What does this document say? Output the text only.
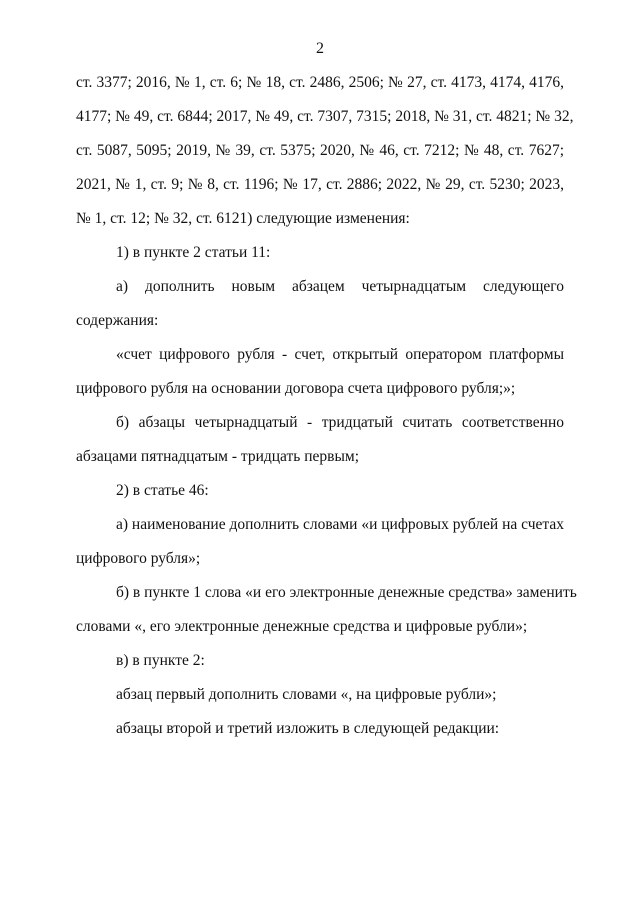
2
ст. 3377; 2016, № 1, ст. 6; № 18, ст. 2486, 2506; № 27, ст. 4173, 4174, 4176,
4177; № 49, ст. 6844; 2017, № 49, ст. 7307, 7315; 2018, № 31, ст. 4821; № 32,
ст. 5087, 5095; 2019, № 39, ст. 5375; 2020, № 46, ст. 7212; № 48, ст. 7627;
2021, № 1, ст. 9; № 8, ст. 1196; № 17, ст. 2886; 2022, № 29, ст. 5230; 2023,
№ 1, ст. 12; № 32, ст. 6121) следующие изменения:
1) в пункте 2 статьи 11:
а) дополнить новым абзацем четырнадцатым следующего
содержания:
«счет цифрового рубля - счет, открытый оператором платформы
цифрового рубля на основании договора счета цифрового рубля;»;
б) абзацы четырнадцатый - тридцатый считать соответственно
абзацами пятнадцатым - тридцать первым;
2) в статье 46:
а) наименование дополнить словами «и цифровых рублей на счетах
цифрового рубля»;
б) в пункте 1 слова «и его электронные денежные средства» заменить
словами «, его электронные денежные средства и цифровые рубли»;
в) в пункте 2:
абзац первый дополнить словами «, на цифровые рубли»;
абзацы второй и третий изложить в следующей редакции:
